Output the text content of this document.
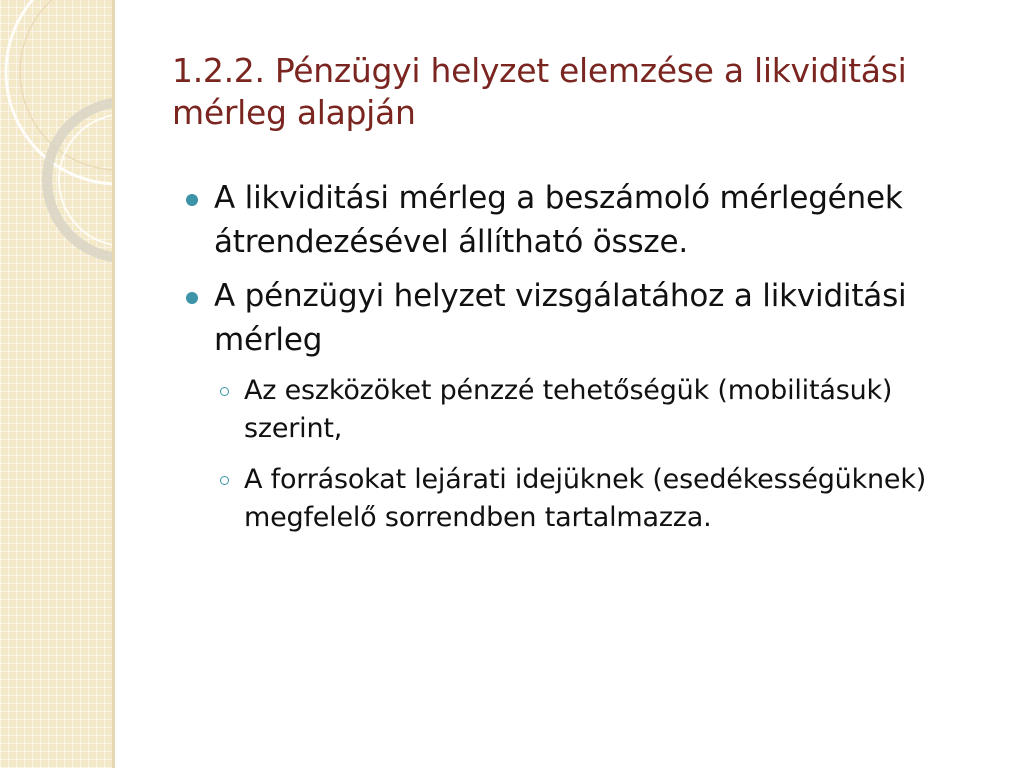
1.2.2. Pénzügyi helyzet elemzése a likviditási mérleg alapján
A likviditási mérleg a beszámoló mérlegének átrendezésével állítható össze.
A pénzügyi helyzet vizsgálatához a likviditási mérleg
Az eszközöket pénzzé tehetőségük (mobilitásuk) szerint,
A forrásokat lejárati idejüknek (esedékességüknek) megfelelő sorrendben tartalmazza.
